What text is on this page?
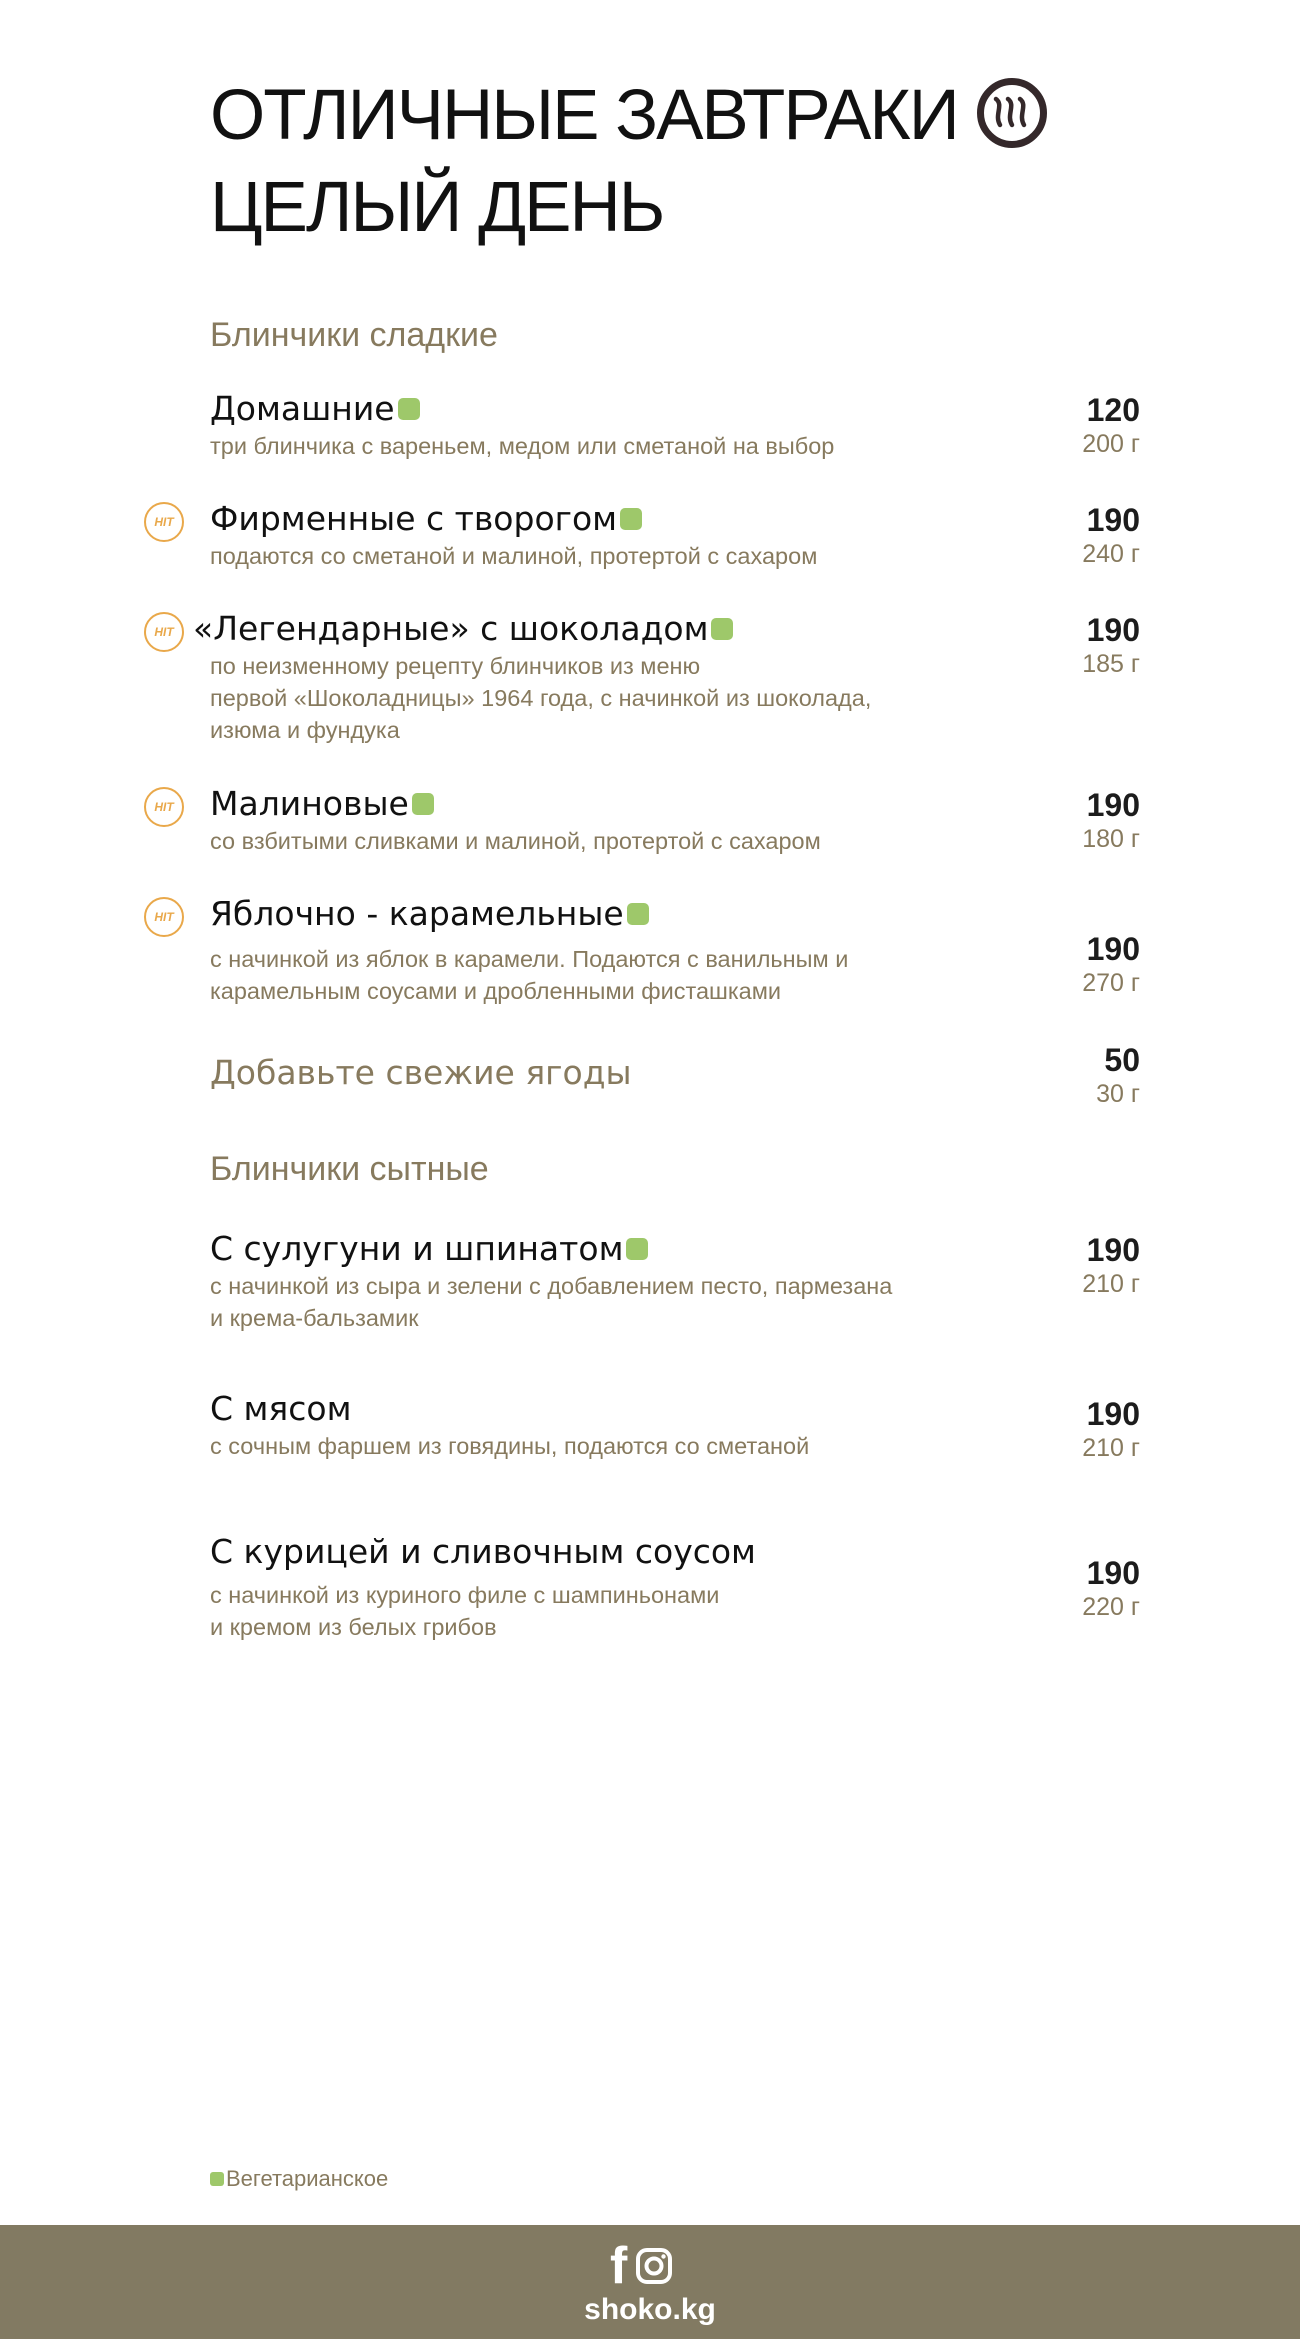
ОТЛИЧНЫЕ ЗАВТРАКИ
ЦЕЛЫЙ ДЕНЬ
Блинчики сладкие
Домашние
три блинчика с вареньем, медом или сметаной на выбор
120
200 г
HIT	Фирменные с творогом
подаются со сметаной и малиной, протертой с сахаром
190
240 г
HIT «Легендарные» с шоколадом
по неизменному рецепту блинчиков из меню
первой «Шоколадницы» 1964 года, с начинкой из шоколада,
изюма и фундука
190
185 г
HIT	Малиновые
со взбитыми сливками и малиной, протертой с сахаром
190
180 г
HIT	Яблочно - карамельные
с начинкой из яблок в карамели. Подаются с ванильным и
карамельным соусами и дробленными фисташками
190
270 г
Добавьте свежие ягоды	50
30 г
Блинчики сытные
С сулугуни и шпинатом
с начинкой из сыра и зелени с добавлением песто, пармезана
и крема-бальзамик
190
210 г
С мясом
с сочным фаршем из говядины, подаются со сметаной
190
210 г
С курицей и сливочным соусом
с начинкой из куриного филе с шампиньонами
и кремом из белых грибов
190
220 г
Вегетарианское
f
shoko.kg
